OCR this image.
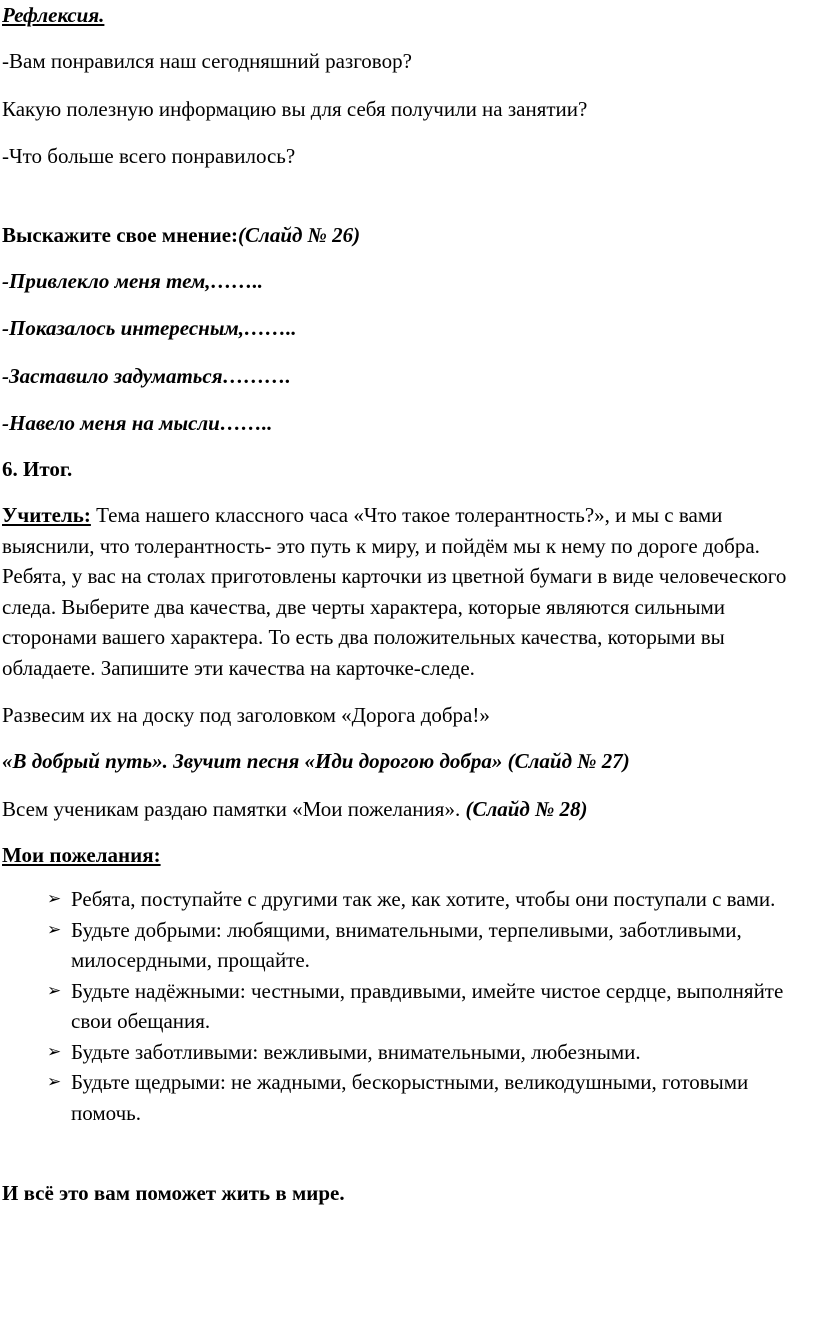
Рефлексия.
-Вам понравился наш сегодняшний разговор?
Какую полезную информацию вы для себя получили на занятии?
-Что больше всего понравилось?
Выскажите свое мнение:(Слайд № 26)
-Привлекло меня тем,……..
-Показалось интересным,……..
-Заставило задуматься……….
-Навело меня на мысли……..
6. Итог.
Учитель: Тема нашего классного часа «Что такое толерантность?», и мы с вами выяснили, что толерантность- это путь к миру, и пойдём мы к нему по дороге добра. Ребята, у вас на столах приготовлены карточки из цветной бумаги в виде человеческого следа. Выберите два качества, две черты характера, которые являются сильными сторонами вашего характера. То есть два положительных качества, которыми вы обладаете. Запишите эти качества на карточке-следе.
Развесим их на доску под заголовком «Дорога добра!»
«В добрый путь». Звучит песня «Иди дорогою добра» (Слайд № 27)
Всем ученикам раздаю памятки «Мои пожелания». (Слайд № 28)
Мои пожелания:
➢ Ребята, поступайте с другими так же, как хотите, чтобы они поступали с вами.
➢ Будьте добрыми: любящими, внимательными, терпеливыми, заботливыми, милосердными, прощайте.
➢ Будьте надёжными: честными, правдивыми, имейте чистое сердце, выполняйте свои обещания.
➢ Будьте заботливыми: вежливыми, внимательными, любезными.
➢ Будьте щедрыми: не жадными, бескорыстными, великодушными, готовыми помочь.
И всё это вам поможет жить в мире.
